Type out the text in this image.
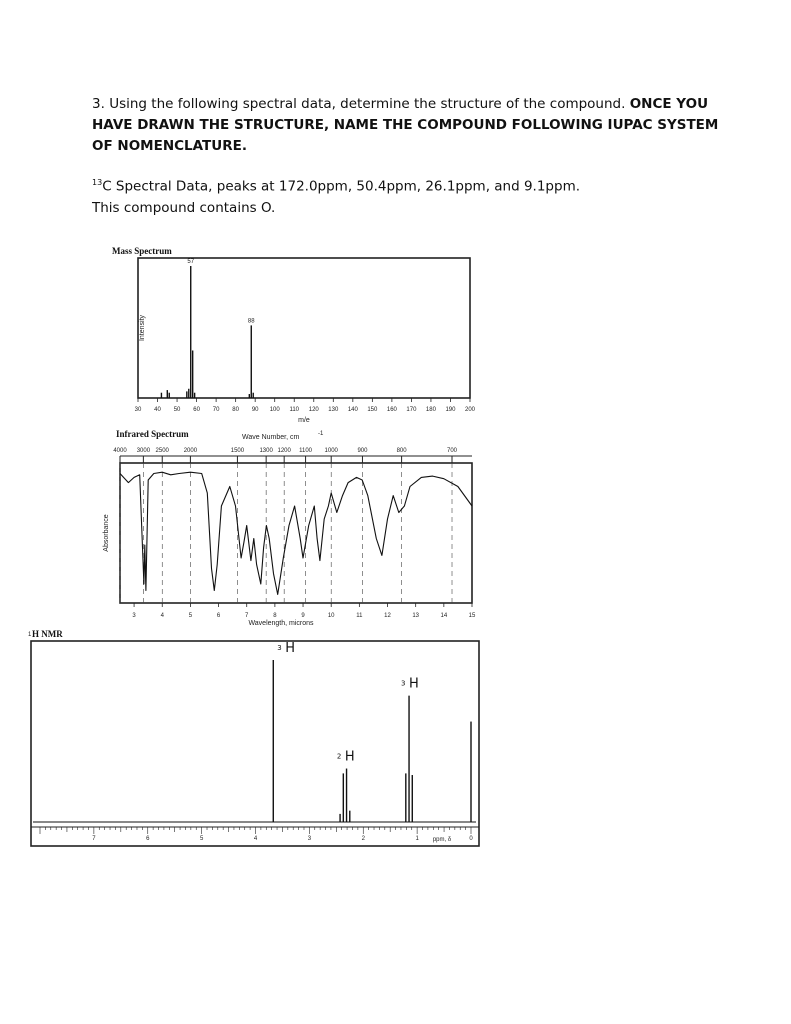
3. Using the following spectral data, determine the structure of the compound. ONCE YOU HAVE DRAWN THE STRUCTURE, NAME THE COMPOUND FOLLOWING IUPAC SYSTEM OF NOMENCLATURE.
$^{13}$C Spectral Data, peaks at 172.0ppm, 50.4ppm, 26.1ppm, and 9.1ppm.
This compound contains O.
Mass Spectrum
57
88
30 40 50 60 70 80 90 100 110 120 130 140 150 160 170 180 190 200
m/e
Intensity
Infrared Spectrum	Wave Number, cm	-1
4000 3000 2500 2000	1500	1300 1200 1100 1000	900	800	700
3	4	5	6	7	8	9	10	11	12	13	14	15
Wavelength, microns
Absorbance
1 H NMR
7	6	5	4	3	2	1	0
ppm, δ
3 H
2 H
3 H
